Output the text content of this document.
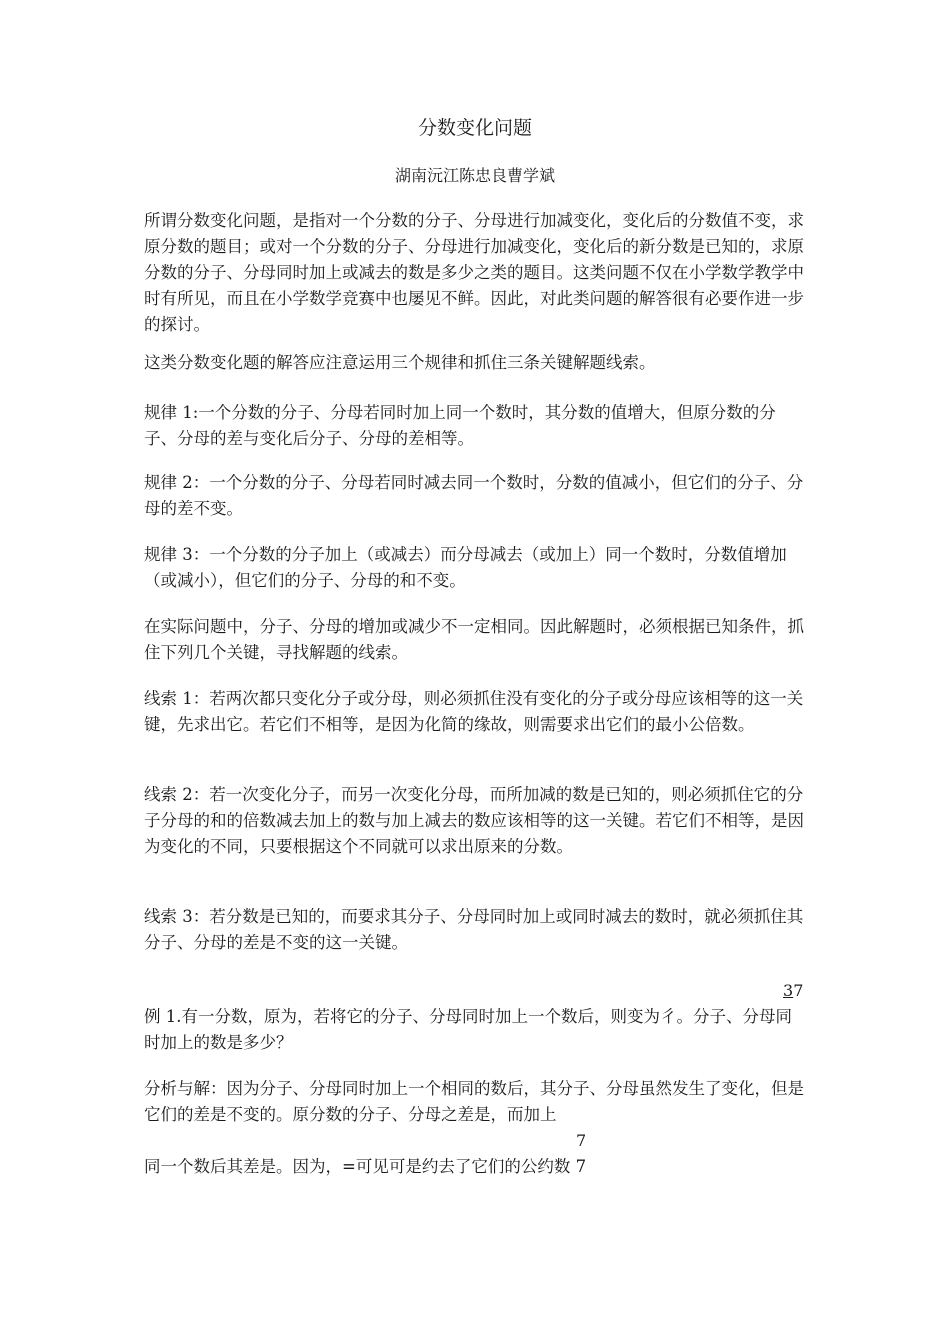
分数变化问题
湖南沅江陈忠良曹学斌

所谓分数变化问题，是指对一个分数的分子、分母进行加减变化，变化后的分数值不变，求原分数的题目；或对一个分数的分子、分母进行加减变化，变化后的新分数是已知的，求原分数的分子、分母同时加上或减去的数是多少之类的题目。这类问题不仅在小学数学教学中时有所见，而且在小学数学竞赛中也屡见不鲜。因此，对此类问题的解答很有必要作进一步的探讨。

这类分数变化题的解答应注意运用三个规律和抓住三条关键解题线索。

规律 1:一个分数的分子、分母若同时加上同一个数时，其分数的值增大，但原分数的分子、分母的差与变化后分子、分母的差相等。

规律 2：一个分数的分子、分母若同时减去同一个数时，分数的值减小，但它们的分子、分母的差不变。

规律 3：一个分数的分子加上（或减去）而分母减去（或加上）同一个数时，分数值增加（或减小），但它们的分子、分母的和不变。

在实际问题中，分子、分母的增加或减少不一定相同。因此解题时，必须根据已知条件，抓住下列几个关键，寻找解题的线索。

线索 1：若两次都只变化分子或分母，则必须抓住没有变化的分子或分母应该相等的这一关键，先求出它。若它们不相等，是因为化简的缘故，则需要求出它们的最小公倍数。

线索 2：若一次变化分子，而另一次变化分母，而所加减的数是已知的，则必须抓住它的分子分母的和的倍数减去加上的数与加上减去的数应该相等的这一关键。若它们不相等，是因为变化的不同，只要根据这个不同就可以求出原来的分数。

线索 3：若分数是已知的，而要求其分子、分母同时加上或同时减去的数时，就必须抓住其分子、分母的差是不变的这一关键。

37

例 1.有一分数，原为，若将它的分子、分母同时加上一个数后，则变为彳。分子、分母同时加上的数是多少？

分析与解：因为分子、分母同时加上一个相同的数后，其分子、分母虽然发生了变化，但是它们的差是不变的。原分数的分子、分母之差是，而加上

7

同一个数后其差是。因为，=可见可是约去了它们的公约数 7
